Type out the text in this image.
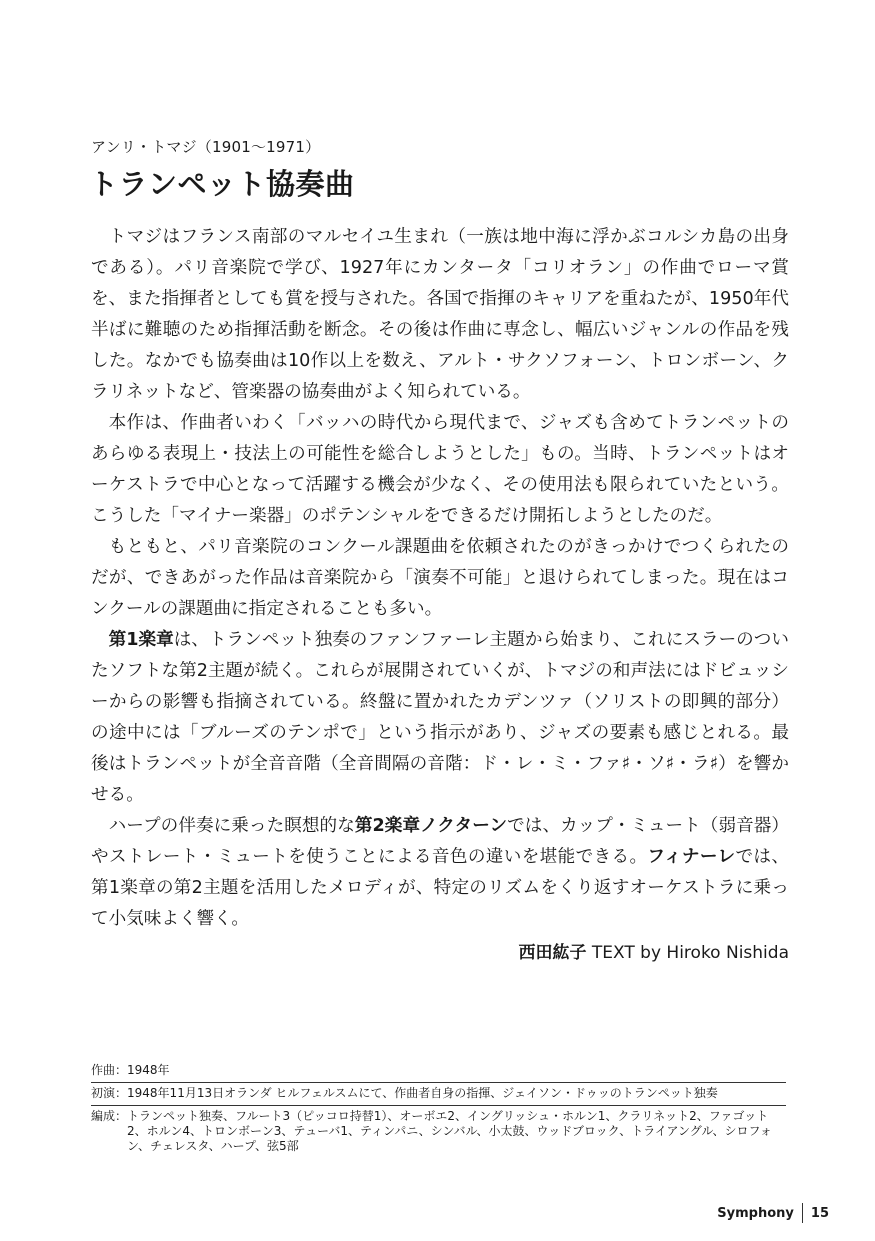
アンリ・トマジ（1901～1971）
トランペット協奏曲

トマジはフランス南部のマルセイユ生まれ（一族は地中海に浮かぶコルシカ島の出身である）。パリ音楽院で学び、1927年にカンタータ「コリオラン」の作曲でローマ賞を、また指揮者としても賞を授与された。各国で指揮のキャリアを重ねたが、1950年代半ばに難聴のため指揮活動を断念。その後は作曲に専念し、幅広いジャンルの作品を残した。なかでも協奏曲は10作以上を数え、アルト・サクソフォーン、トロンボーン、クラリネットなど、管楽器の協奏曲がよく知られている。

本作は、作曲者いわく「バッハの時代から現代まで、ジャズも含めてトランペットのあらゆる表現上・技法上の可能性を総合しようとした」もの。当時、トランペットはオーケストラで中心となって活躍する機会が少なく、その使用法も限られていたという。こうした「マイナー楽器」のポテンシャルをできるだけ開拓しようとしたのだ。

もともと、パリ音楽院のコンクール課題曲を依頼されたのがきっかけでつくられたのだが、できあがった作品は音楽院から「演奏不可能」と退けられてしまった。現在はコンクールの課題曲に指定されることも多い。

第1楽章は、トランペット独奏のファンファーレ主題から始まり、これにスラーのついたソフトな第2主題が続く。これらが展開されていくが、トマジの和声法にはドビュッシーからの影響も指摘されている。終盤に置かれたカデンツァ（ソリストの即興的部分）の途中には「ブルーズのテンポで」という指示があり、ジャズの要素も感じとれる。最後はトランペットが全音音階（全音間隔の音階：ド・レ・ミ・ファ♯・ソ♯・ラ♯）を響かせる。

ハープの伴奏に乗った瞑想的な第2楽章ノクターンでは、カップ・ミュート（弱音器）やストレート・ミュートを使うことによる音色の違いを堪能できる。フィナーレでは、第1楽章の第2主題を活用したメロディが、特定のリズムをくり返すオーケストラに乗って小気味よく響く。

西田紘子 TEXT by Hiroko Nishida
作曲： 1948年
初演： 1948年11月13日オランダ ヒルフェルスムにて、作曲者自身の指揮、ジェイソン・ドゥッのトランペット独奏
編成： トランペット独奏、フルート3（ピッコロ持替1）、オーボエ2、イングリッシュ・ホルン1、クラリネット2、ファゴット2、ホルン4、トロンボーン3、テューバ1、ティンパニ、シンバル、小太鼓、ウッドブロック、トライアングル、シロフォン、チェレスタ、ハープ、弦5部
Symphony 15
